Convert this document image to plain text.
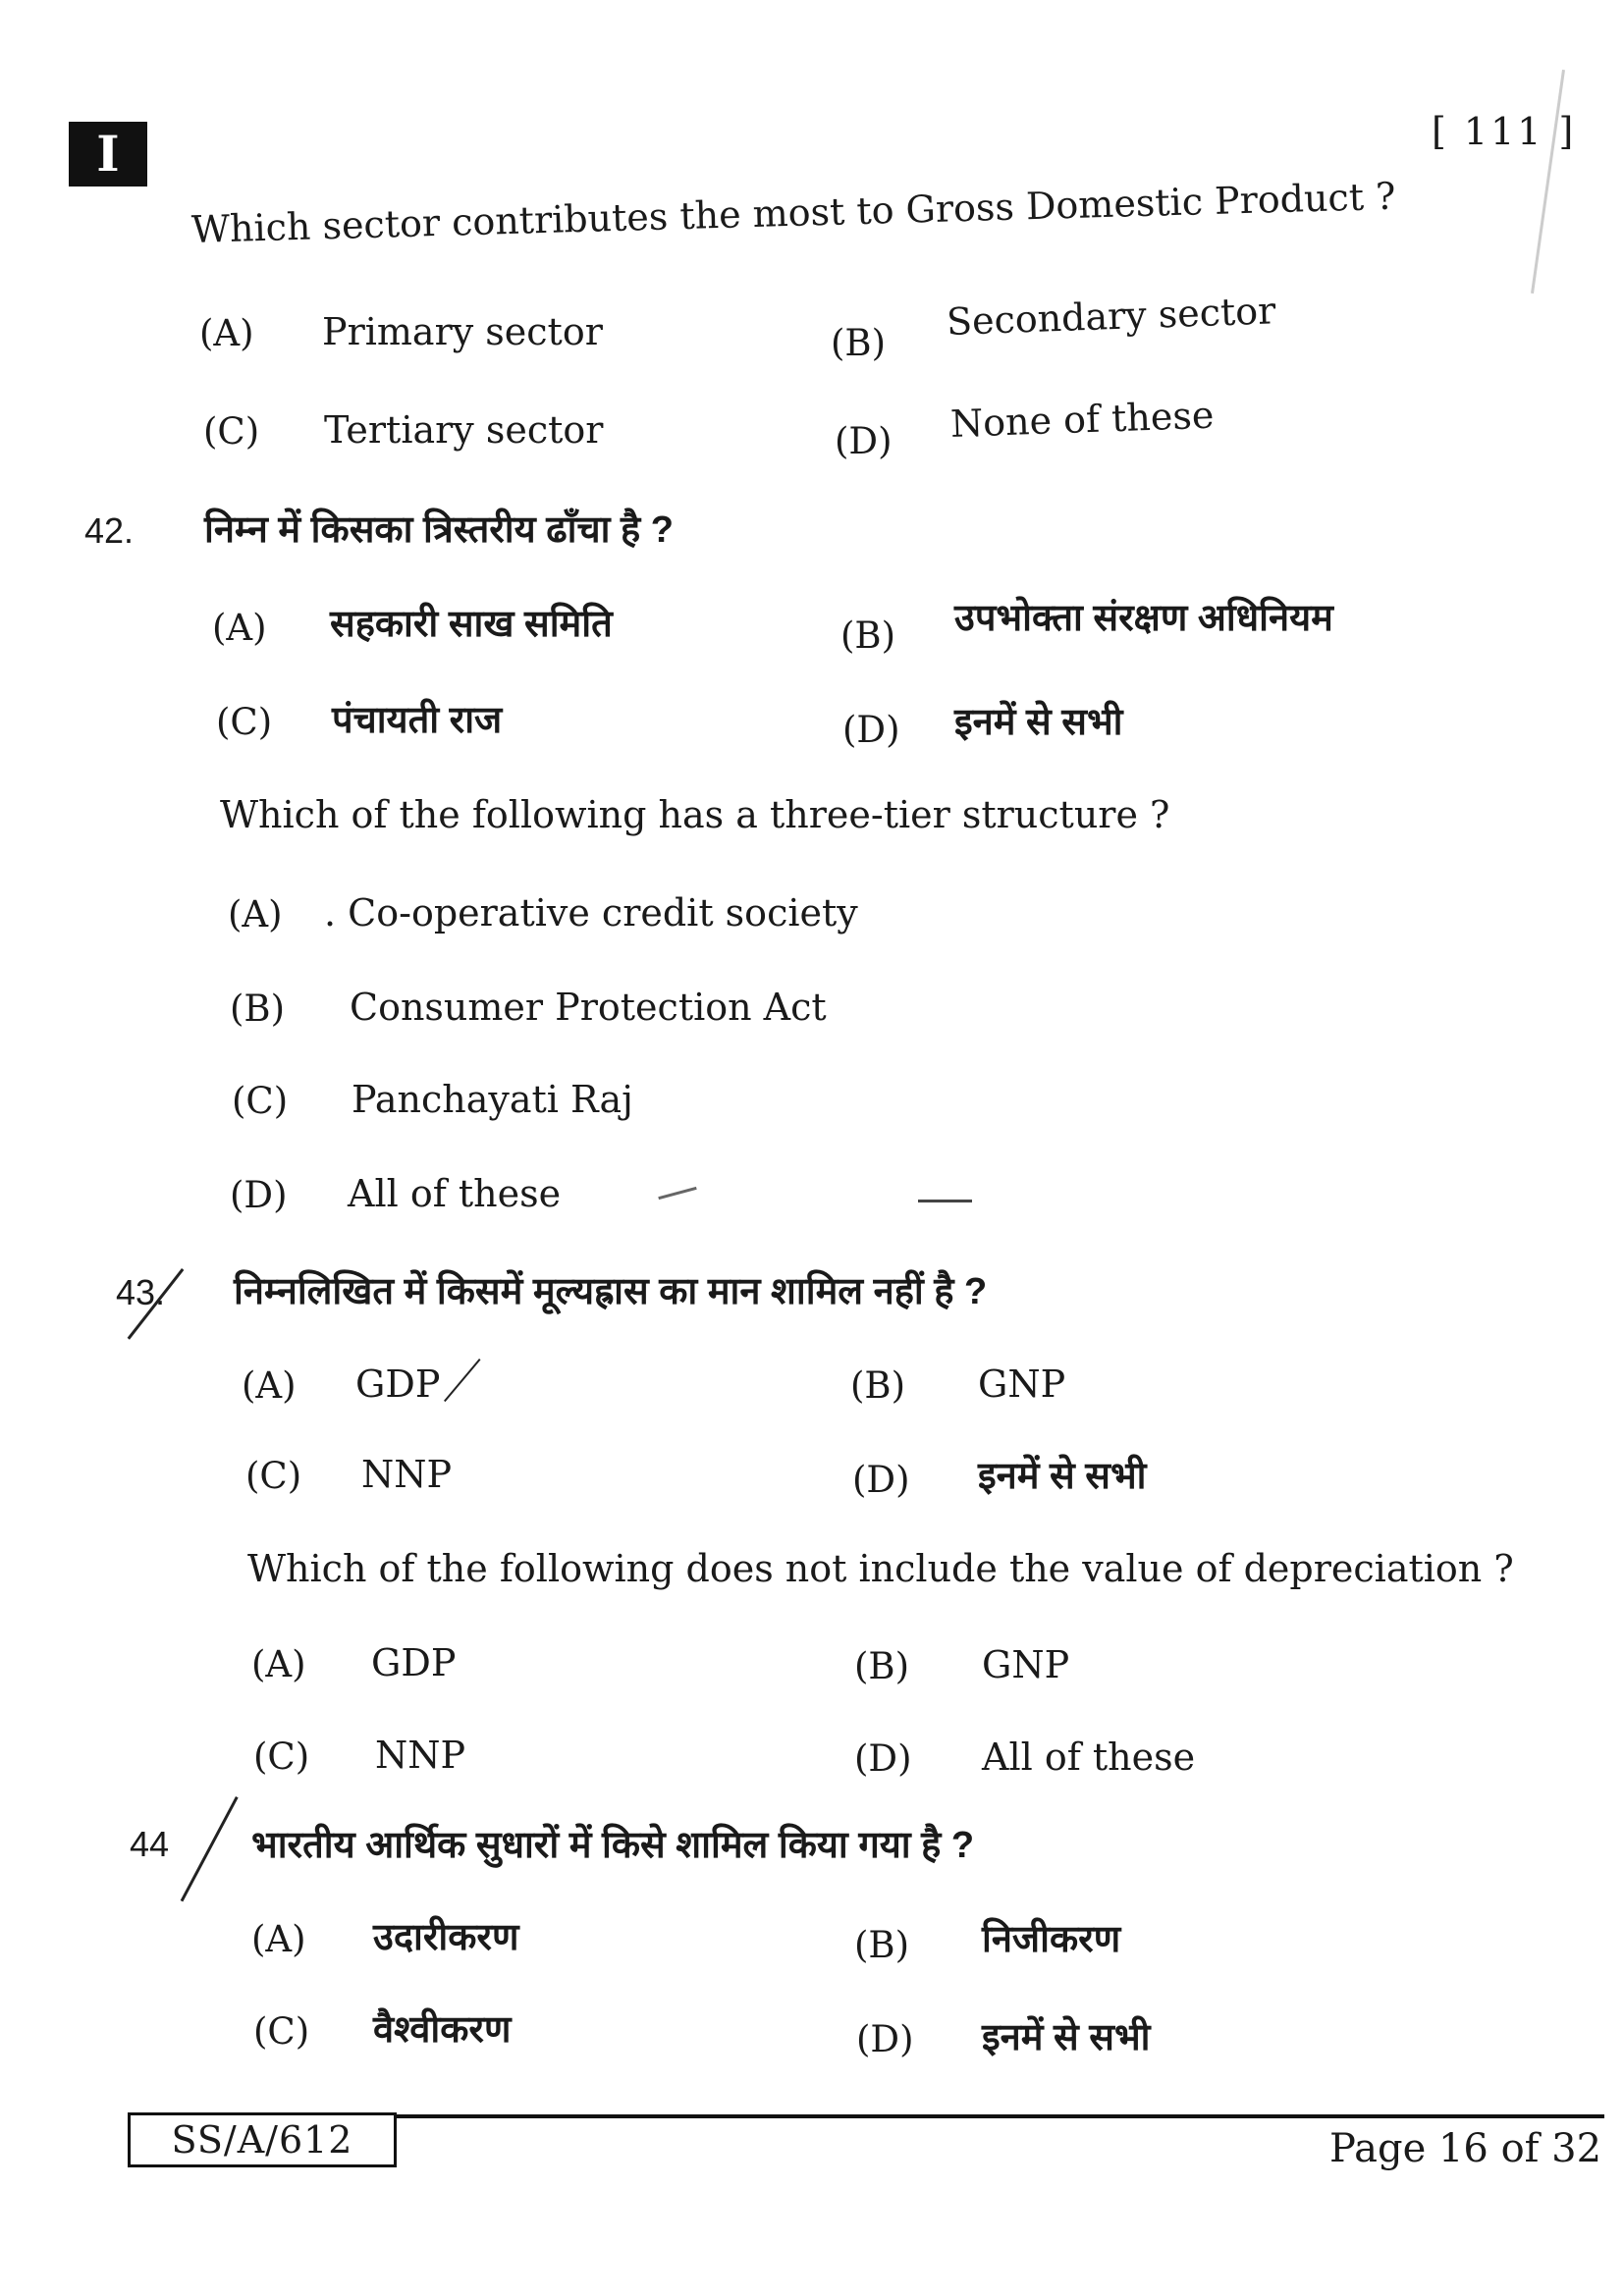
I	[ 111 ]
Which sector contributes the most to Gross Domestic Product ?
(A) Primary sector	(B) Secondary sector
(C) Tertiary sector	(D) None of these
42. निम्न में किसका त्रिस्तरीय ढाँचा है ?
(A) सहकारी साख समिति	(B) उपभोक्ता संरक्षण अधिनियम
(C) पंचायती राज	(D) इनमें से सभी
Which of the following has a three-tier structure ?
(A) . Co-operative credit society
(B) Consumer Protection Act
(C) Panchayati Raj
(D) All of these
43. निम्नलिखित में किसमें मूल्यह्रास का मान शामिल नहीं है ?
(A) GDP	(B) GNP
(C) NNP	(D) इनमें से सभी
Which of the following does not include the value of depreciation ?
(A) GDP	(B) GNP
(C) NNP	(D) All of these
44 भारतीय आर्थिक सुधारों में किसे शामिल किया गया है ?
(A) उदारीकरण	(B) निजीकरण
(C) वैश्वीकरण	(D) इनमें से सभी
SS/A/612	Page 16 of 32
